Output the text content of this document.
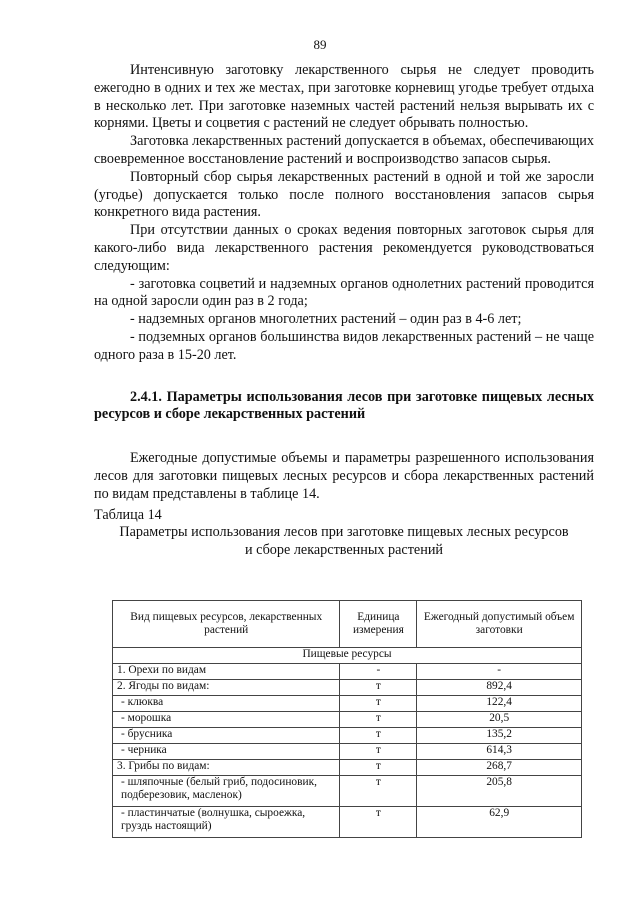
89

Интенсивную заготовку лекарственного сырья не следует проводить ежегодно в одних и тех же местах, при заготовке корневищ угодье требует отдыха в несколько лет. При заготовке наземных частей растений нельзя вырывать их с корнями. Цветы и соцветия с растений не следует обрывать полностью.

Заготовка лекарственных растений допускается в объемах, обеспечивающих своевременное восстановление растений и воспроизводство запасов сырья.

Повторный сбор сырья лекарственных растений в одной и той же заросли (угодье) допускается только после полного восстановления запасов сырья конкретного вида растения.

При отсутствии данных о сроках ведения повторных заготовок сырья для какого-либо вида лекарственного растения рекомендуется руководствоваться следующим:

- заготовка соцветий и надземных органов однолетних растений проводится на одной заросли один раз в 2 года;

- надземных органов многолетних растений – один раз в 4-6 лет;

- подземных органов большинства видов лекарственных растений – не чаще одного раза в 15-20 лет.

2.4.1. Параметры использования лесов при заготовке пищевых лесных ресурсов и сборе лекарственных растений

Ежегодные допустимые объемы и параметры разрешенного использования лесов для заготовки пищевых лесных ресурсов и сбора лекарственных растений по видам представлены в таблице 14.

Таблица 14

Параметры использования лесов при заготовке пищевых лесных ресурсов
и сборе лекарственных растений

Вид пищевых ресурсов, лекарственных растений	Единица измерения	Ежегодный допустимый объем заготовки
Пищевые ресурсы		
1. Орехи по видам	-	-
2. Ягоды по видам:	т	892,4
- клюква	т	122,4
- морошка	т	20,5
- брусника	т	135,2
- черника	т	614,3
3. Грибы по видам:	т	268,7
- шляпочные (белый гриб, подосиновик, подберезовик, масленок)	т	205,8
- пластинчатые (волнушка, сыроежка, груздь настоящий)	т	62,9
